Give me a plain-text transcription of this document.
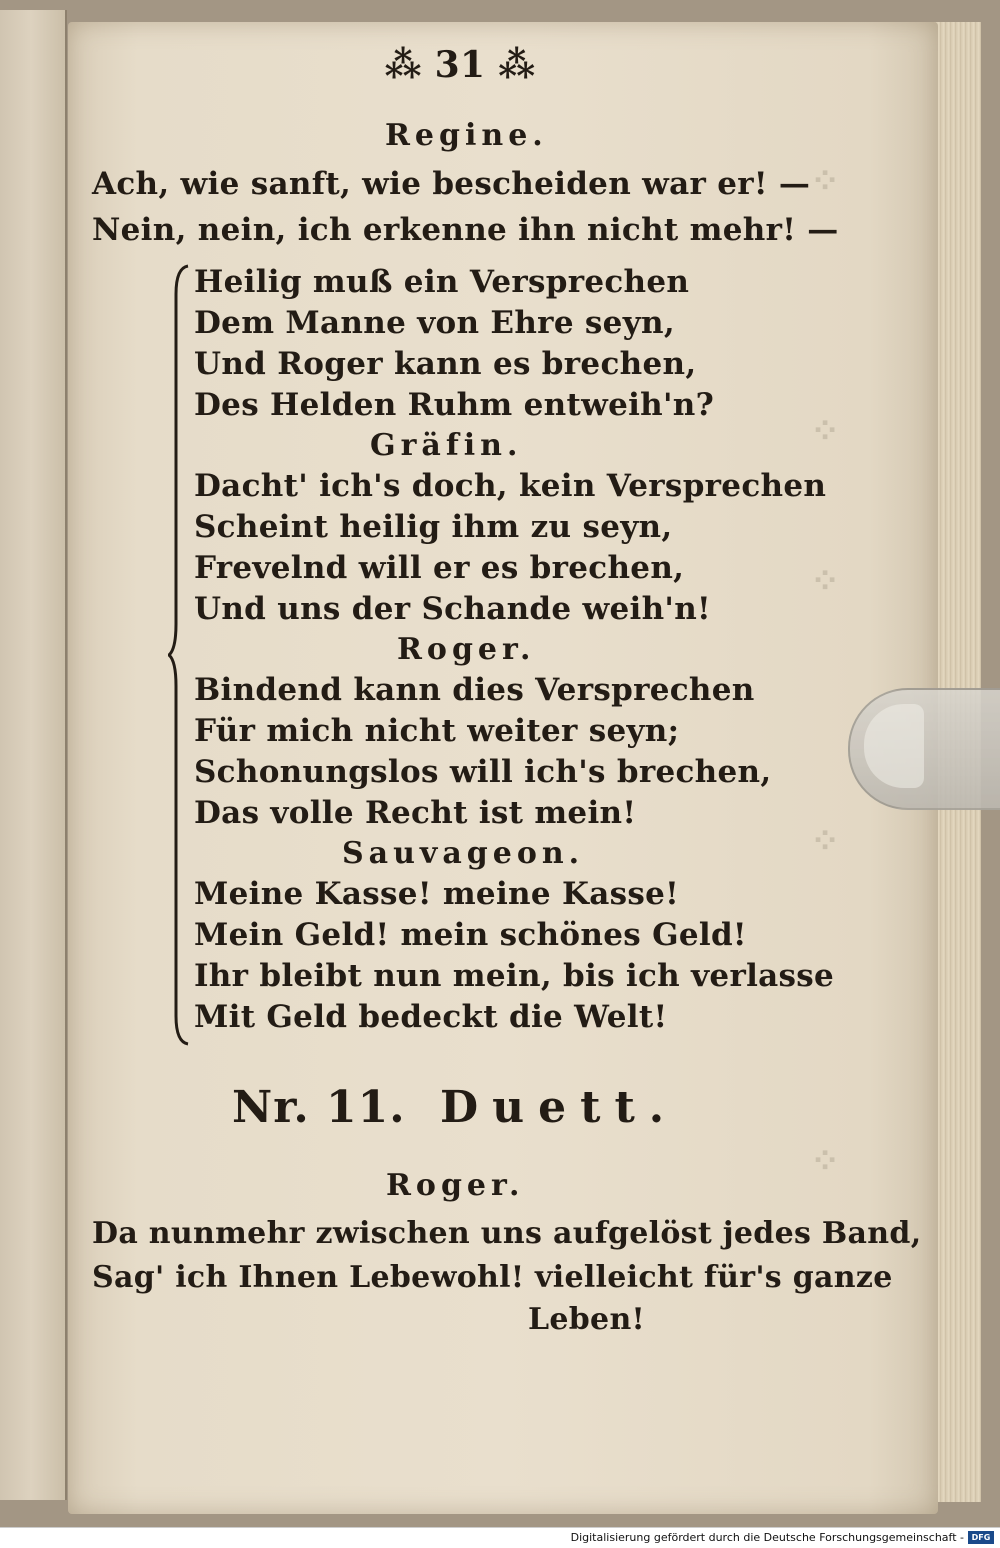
⁘
⁘
⁘
⁘
⁘
⁂ 31 ⁂
Regine.
Ach, wie sanft, wie bescheiden war er! —
Nein, nein, ich erkenne ihn nicht mehr! —
Heilig muß ein Versprechen
Dem Manne von Ehre seyn,
Und Roger kann es brechen,
Des Helden Ruhm entweih'n?
Gräfin.
Dacht' ich's doch, kein Versprechen
Scheint heilig ihm zu seyn,
Frevelnd will er es brechen,
Und uns der Schande weih'n!
Roger.
Bindend kann dies Versprechen
Für mich nicht weiter seyn;
Schonungslos will ich's brechen,
Das volle Recht ist mein!
Sauvageon.
Meine Kasse! meine Kasse!
Mein Geld! mein schönes Geld!
Ihr bleibt nun mein, bis ich verlasse
Mit Geld bedeckt die Welt!
Nr. 11. Duett.
Roger.
Da nunmehr zwischen uns aufgelöst jedes Band,
Sag' ich Ihnen Lebewohl! vielleicht für's ganze
Leben!
Digitalisierung gefördert durch die Deutsche Forschungsgemeinschaft - DFG
